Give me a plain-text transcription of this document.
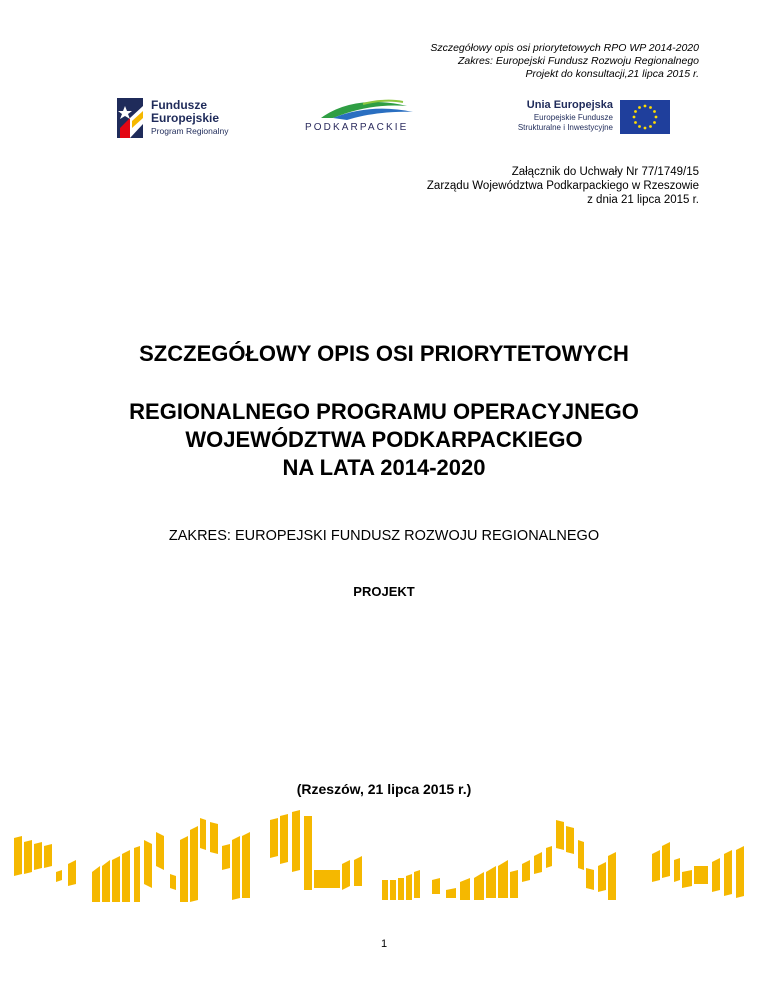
Szczegółowy opis osi priorytetowych RPO WP 2014-2020
Zakres: Europejski Fundusz Rozwoju Regionalnego
Projekt do konsultacji,21 lipca 2015 r.
Fundusze
Europejskie
Program Regionalny	PODKARPACKIE
Unia Europejska
Europejskie Fundusze
Strukturalne i Inwestycyjne
Załącznik do Uchwały Nr 77/1749/15
Zarządu Województwa Podkarpackiego w Rzeszowie
z dnia 21 lipca 2015 r.
SZCZEGÓŁOWY OPIS OSI PRIORYTETOWYCH
REGIONALNEGO PROGRAMU OPERACYJNEGO
WOJEWÓDZTWA PODKARPACKIEGO
NA LATA 2014-2020
ZAKRES: EUROPEJSKI FUNDUSZ ROZWOJU REGIONALNEGO
PROJEKT
(Rzeszów, 21 lipca 2015 r.)
1
